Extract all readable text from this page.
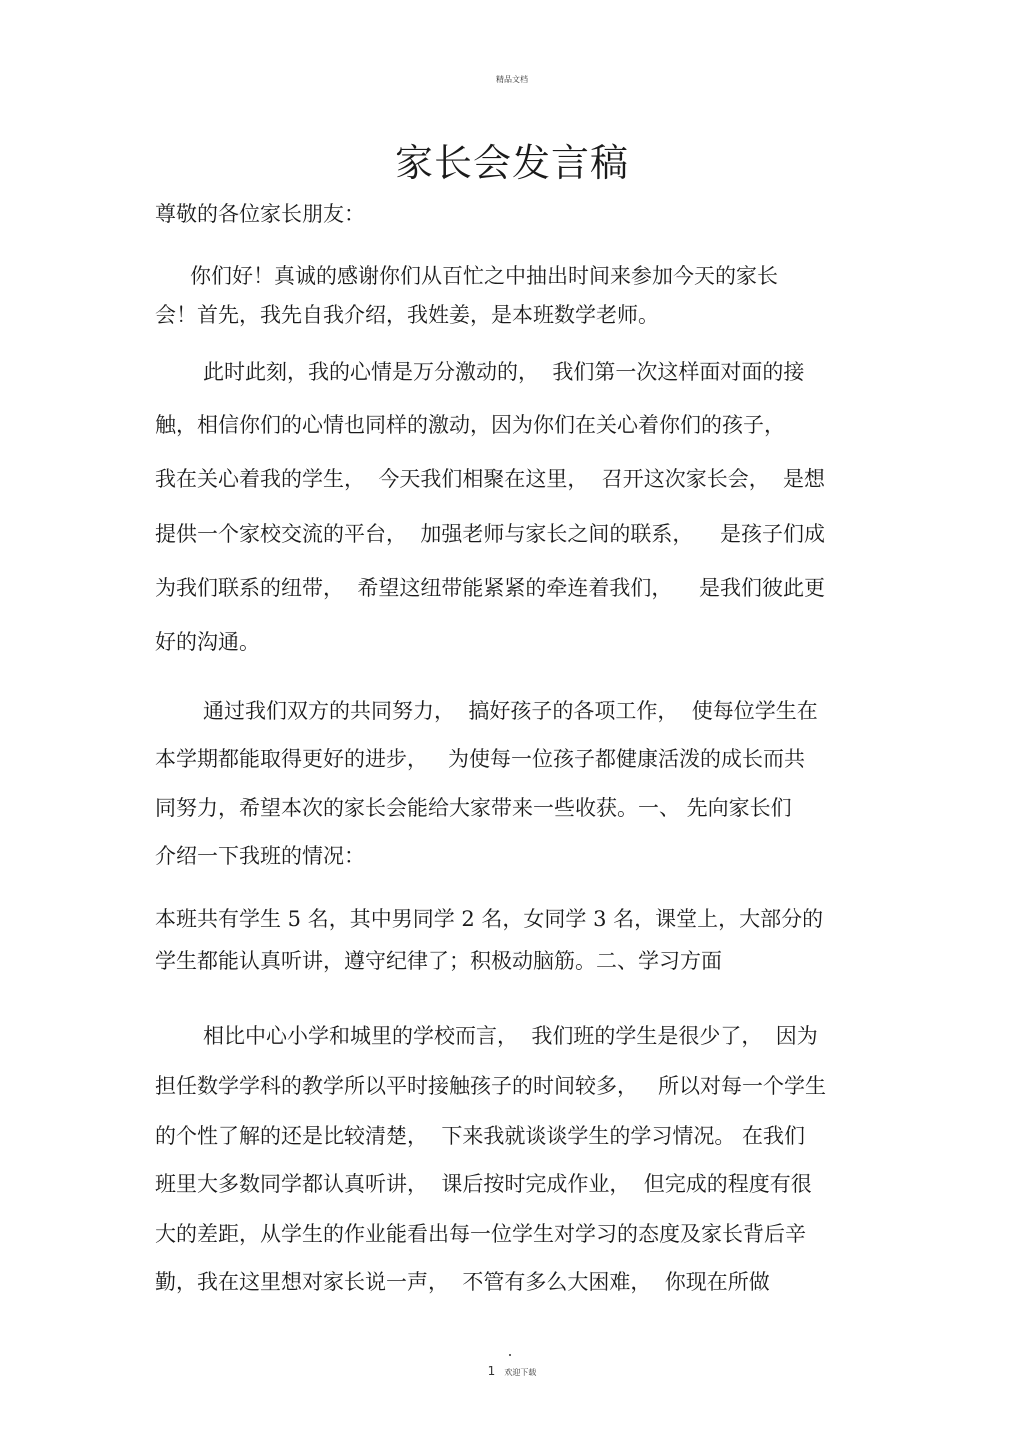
精品文档
家长会发言稿
尊敬的各位家长朋友：
你们好！真诚的感谢你们从百忙之中抽出时间来参加今天的家长
会！首先，我先自我介绍，我姓姜，是本班数学老师。
此时此刻，我的心情是万分激动的，  我们第一次这样面对面的接
触，相信你们的心情也同样的激动，因为你们在关心着你们的孩子，
我在关心着我的学生，  今天我们相聚在这里，  召开这次家长会，  是想
提供一个家校交流的平台，  加强老师与家长之间的联系，    是孩子们成
为我们联系的纽带，  希望这纽带能紧紧的牵连着我们，    是我们彼此更
好的沟通。
通过我们双方的共同努力，  搞好孩子的各项工作，  使每位学生在
本学期都能取得更好的进步，   为使每一位孩子都健康活泼的成长而共
同努力，希望本次的家长会能给大家带来一些收获。一、 先向家长们
介绍一下我班的情况：
本班共有学生 5 名，其中男同学 2 名，女同学 3 名，课堂上，大部分的
学生都能认真听讲，遵守纪律了；积极动脑筋。二、学习方面
相比中心小学和城里的学校而言，  我们班的学生是很少了，  因为
担任数学学科的教学所以平时接触孩子的时间较多，   所以对每一个学生
的个性了解的还是比较清楚，  下来我就谈谈学生的学习情况。 在我们
班里大多数同学都认真听讲，  课后按时完成作业，  但完成的程度有很
大的差距，从学生的作业能看出每一位学生对学习的态度及家长背后辛
勤，我在这里想对家长说一声，  不管有多么大困难，  你现在所做
1 欢迎下载
